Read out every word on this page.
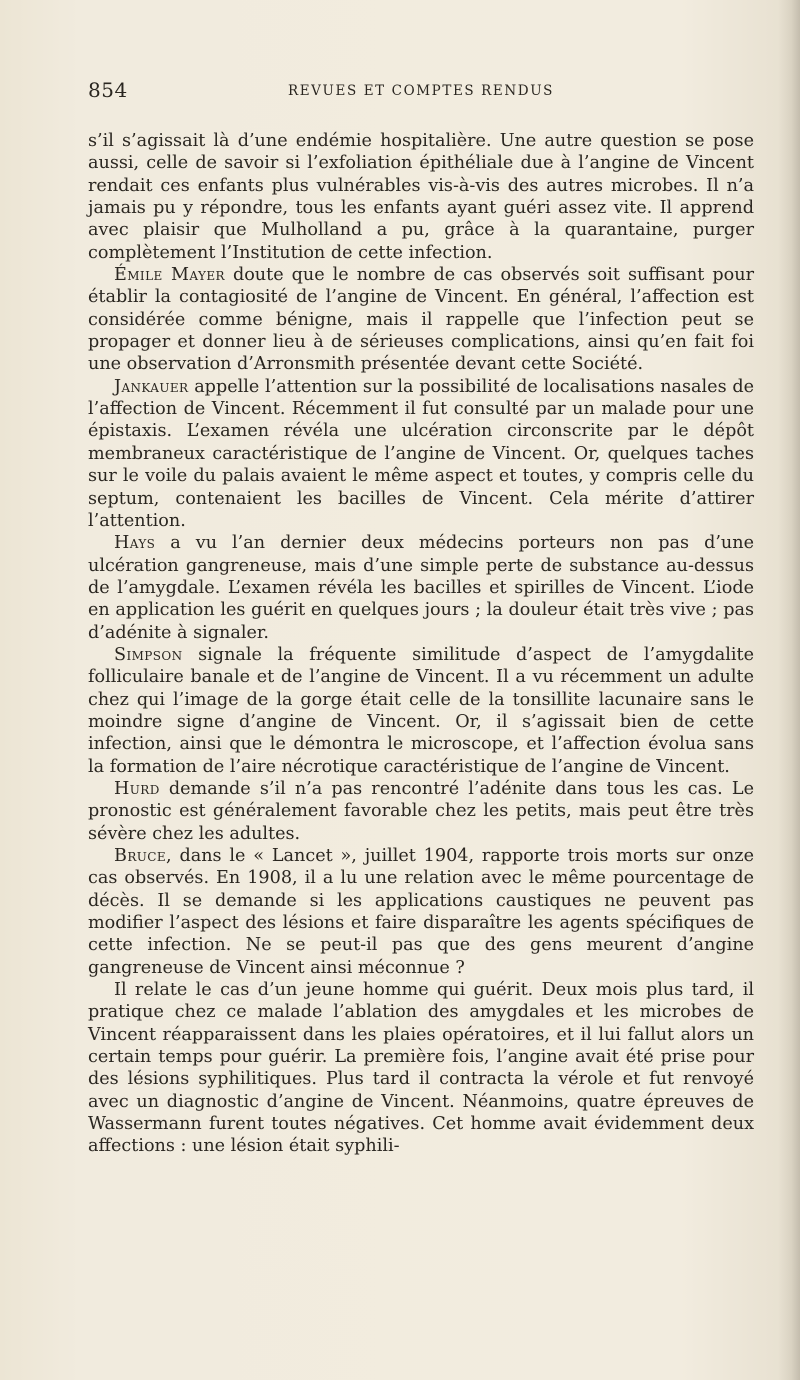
854	REVUES ET COMPTES RENDUS

s’il s’agissait là d’une endémie hospitalière. Une autre question se pose aussi, celle de savoir si l’exfoliation épithéliale due à l’angine de Vincent rendait ces enfants plus vulnérables vis-à-vis des autres microbes. Il n’a jamais pu y répondre, tous les enfants ayant guéri assez vite. Il apprend avec plaisir que Mulholland a pu, grâce à la quarantaine, purger complètement l’Institution de cette infection.

Émile Mayer doute que le nombre de cas observés soit suffisant pour établir la contagiosité de l’angine de Vincent. En général, l’affection est considérée comme bénigne, mais il rappelle que l’infection peut se propager et donner lieu à de sérieuses complications, ainsi qu’en fait foi une observation d’Arronsmith présentée devant cette Société.

Jankauer appelle l’attention sur la possibilité de localisations nasales de l’affection de Vincent. Récemment il fut consulté par un malade pour une épistaxis. L’examen révéla une ulcération circonscrite par le dépôt membraneux caractéristique de l’angine de Vincent. Or, quelques taches sur le voile du palais avaient le même aspect et toutes, y compris celle du septum, contenaient les bacilles de Vincent. Cela mérite d’attirer l’attention.

Hays a vu l’an dernier deux médecins porteurs non pas d’une ulcération gangreneuse, mais d’une simple perte de substance au-dessus de l’amygdale. L’examen révéla les bacilles et spirilles de Vincent. L’iode en application les guérit en quelques jours ; la douleur était très vive ; pas d’adénite à signaler.

Simpson signale la fréquente similitude d’aspect de l’amygdalite folliculaire banale et de l’angine de Vincent. Il a vu récemment un adulte chez qui l’image de la gorge était celle de la tonsillite lacunaire sans le moindre signe d’angine de Vincent. Or, il s’agissait bien de cette infection, ainsi que le démontra le microscope, et l’affection évolua sans la formation de l’aire nécrotique caractéristique de l’angine de Vincent.

Hurd demande s’il n’a pas rencontré l’adénite dans tous les cas. Le pronostic est généralement favorable chez les petits, mais peut être très sévère chez les adultes.

Bruce, dans le « Lancet », juillet 1904, rapporte trois morts sur onze cas observés. En 1908, il a lu une relation avec le même pourcentage de décès. Il se demande si les applications caustiques ne peuvent pas modifier l’aspect des lésions et faire disparaître les agents spécifiques de cette infection. Ne se peut-il pas que des gens meurent d’angine gangreneuse de Vincent ainsi méconnue ?

Il relate le cas d’un jeune homme qui guérit. Deux mois plus tard, il pratique chez ce malade l’ablation des amygdales et les microbes de Vincent réapparaissent dans les plaies opératoires, et il lui fallut alors un certain temps pour guérir. La première fois, l’angine avait été prise pour des lésions syphilitiques. Plus tard il contracta la vérole et fut renvoyé avec un diagnostic d’angine de Vincent. Néanmoins, quatre épreuves de Wassermann furent toutes négatives. Cet homme avait évidemment deux affections : une lésion était syphili-
